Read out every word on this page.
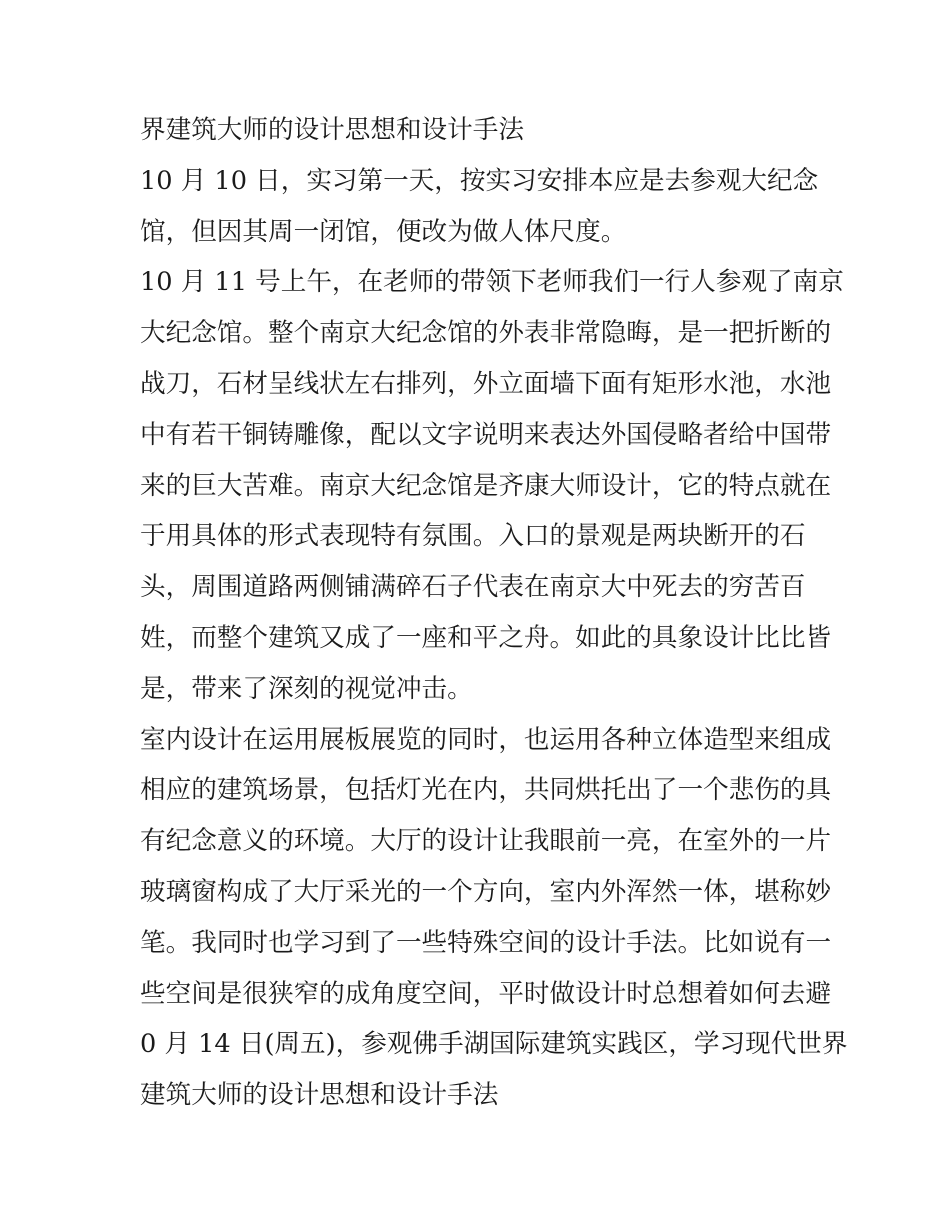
界建筑大师的设计思想和设计手法
10 月 10 日，实习第一天，按实习安排本应是去参观大纪念
馆，但因其周一闭馆，便改为做人体尺度。
10 月 11 号上午，在老师的带领下老师我们一行人参观了南京
大纪念馆。整个南京大纪念馆的外表非常隐晦，是一把折断的
战刀，石材呈线状左右排列，外立面墙下面有矩形水池，水池
中有若干铜铸雕像，配以文字说明来表达外国侵略者给中国带
来的巨大苦难。南京大纪念馆是齐康大师设计，它的特点就在
于用具体的形式表现特有氛围。入口的景观是两块断开的石
头，周围道路两侧铺满碎石子代表在南京大中死去的穷苦百
姓，而整个建筑又成了一座和平之舟。如此的具象设计比比皆
是，带来了深刻的视觉冲击。
室内设计在运用展板展览的同时，也运用各种立体造型来组成
相应的建筑场景，包括灯光在内，共同烘托出了一个悲伤的具
有纪念意义的环境。大厅的设计让我眼前一亮，在室外的一片
玻璃窗构成了大厅采光的一个方向，室内外浑然一体，堪称妙
笔。我同时也学习到了一些特殊空间的设计手法。比如说有一
些空间是很狭窄的成角度空间，平时做设计时总想着如何去避
0 月 14 日(周五)，参观佛手湖国际建筑实践区，学习现代世界
建筑大师的设计思想和设计手法
